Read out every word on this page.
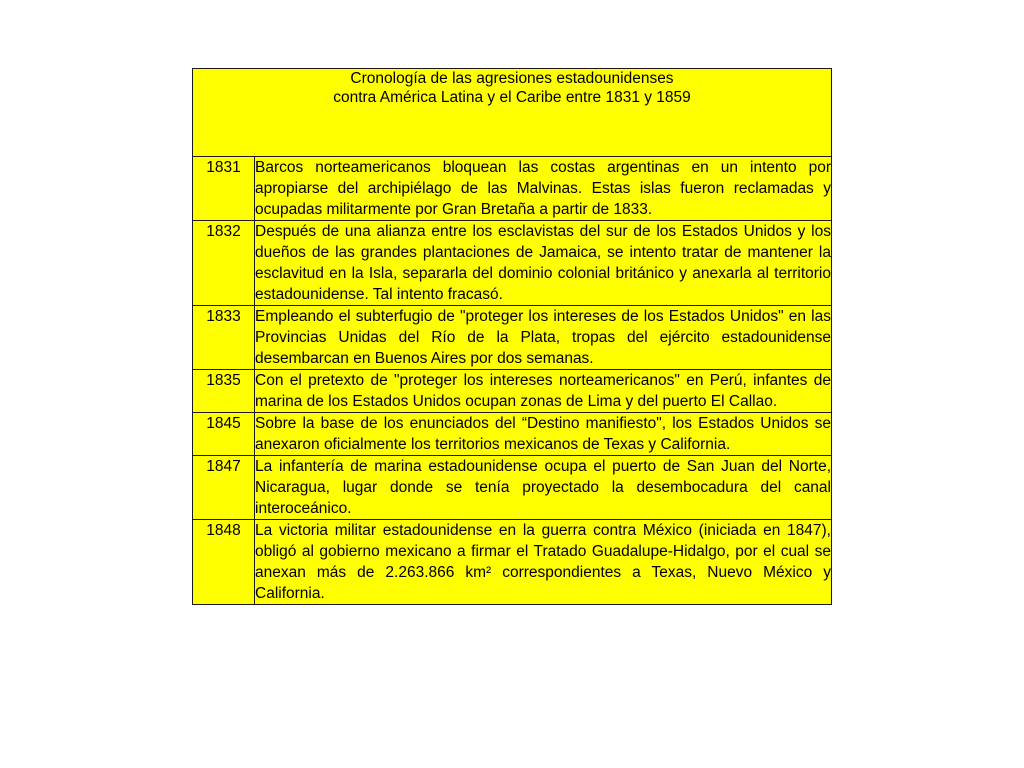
Cronología de las agresiones estadounidenses
contra América Latina y el Caribe entre 1831 y 1859	

1831	Barcos norteamericanos bloquean las costas argentinas en un intento por apropiarse del archipiélago de las Malvinas. Estas islas fueron reclamadas y ocupadas militarmente por Gran Bretaña a partir de 1833.
1832	Después de una alianza entre los esclavistas del sur de los Estados Unidos y los dueños de las grandes plantaciones de Jamaica, se intento tratar de mantener la esclavitud en la Isla, separarla del dominio colonial británico y anexarla al territorio estadounidense. Tal intento fracasó.
1833	Empleando el subterfugio de "proteger los intereses de los Estados Unidos" en las Provincias Unidas del Río de la Plata, tropas del ejército estadounidense desembarcan en Buenos Aires por dos semanas.
1835	Con el pretexto de "proteger los intereses norteamericanos" en Perú, infantes de marina de los Estados Unidos ocupan zonas de Lima y del puerto El Callao.
1845	Sobre la base de los enunciados del “Destino manifiesto", los Estados Unidos se anexaron oficialmente los territorios mexicanos de Texas y California.
1847	La infantería de marina estadounidense ocupa el puerto de San Juan del Norte, Nicaragua, lugar donde se tenía proyectado la desembocadura del canal interoceánico.
1848	La victoria militar estadounidense en la guerra contra México (iniciada en 1847), obligó al gobierno mexicano a firmar el Tratado Guadalupe-Hidalgo, por el cual se anexan más de 2.263.866 km² correspondientes a Texas, Nuevo México y California.
